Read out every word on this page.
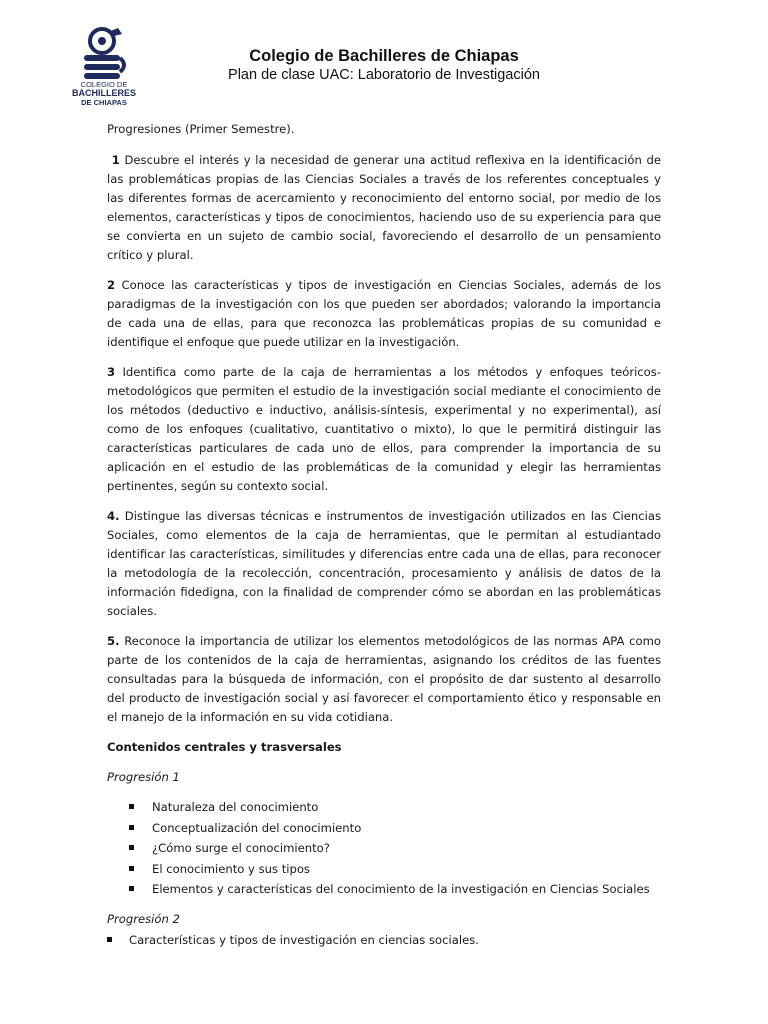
COLEGIO DE
BACHILLERES
DE CHIAPAS
Colegio de Bachilleres de Chiapas
Plan de clase UAC: Laboratorio de Investigación

Progresiones (Primer Semestre).

1 Descubre el interés y la necesidad de generar una actitud reflexiva en la identificación de las problemáticas propias de las Ciencias Sociales a través de los referentes conceptuales y las diferentes formas de acercamiento y reconocimiento del entorno social, por medio de los elementos, características y tipos de conocimientos, haciendo uso de su experiencia para que se convierta en un sujeto de cambio social, favoreciendo el desarrollo de un pensamiento crítico y plural.

2 Conoce las características y tipos de investigación en Ciencias Sociales, además de los paradigmas de la investigación con los que pueden ser abordados; valorando la importancia de cada una de ellas, para que reconozca las problemáticas propias de su comunidad e identifique el enfoque que puede utilizar en la investigación.

3 Identifica como parte de la caja de herramientas a los métodos y enfoques teóricos-metodológicos que permiten el estudio de la investigación social mediante el conocimiento de los métodos (deductivo e inductivo, análisis-síntesis, experimental y no experimental), así como de los enfoques (cualitativo, cuantitativo o mixto), lo que le permitirá distinguir las características particulares de cada uno de ellos, para comprender la importancia de su aplicación en el estudio de las problemáticas de la comunidad y elegir las herramientas pertinentes, según su contexto social.

4. Distingue las diversas técnicas e instrumentos de investigación utilizados en las Ciencias Sociales, como elementos de la caja de herramientas, que le permitan al estudiantado identificar las características, similitudes y diferencias entre cada una de ellas, para reconocer la metodología de la recolección, concentración, procesamiento y análisis de datos de la información fidedigna, con la finalidad de comprender cómo se abordan en las problemáticas sociales.

5. Reconoce la importancia de utilizar los elementos metodológicos de las normas APA como parte de los contenidos de la caja de herramientas, asignando los créditos de las fuentes consultadas para la búsqueda de información, con el propósito de dar sustento al desarrollo del producto de investigación social y así favorecer el comportamiento ético y responsable en el manejo de la información en su vida cotidiana.

Contenidos centrales y trasversales

Progresión 1

Naturaleza del conocimiento
Conceptualización del conocimiento
¿Cómo surge el conocimiento?
El conocimiento y sus tipos
Elementos y características del conocimiento de la investigación en Ciencias Sociales

Progresión 2

Características y tipos de investigación en ciencias sociales.
